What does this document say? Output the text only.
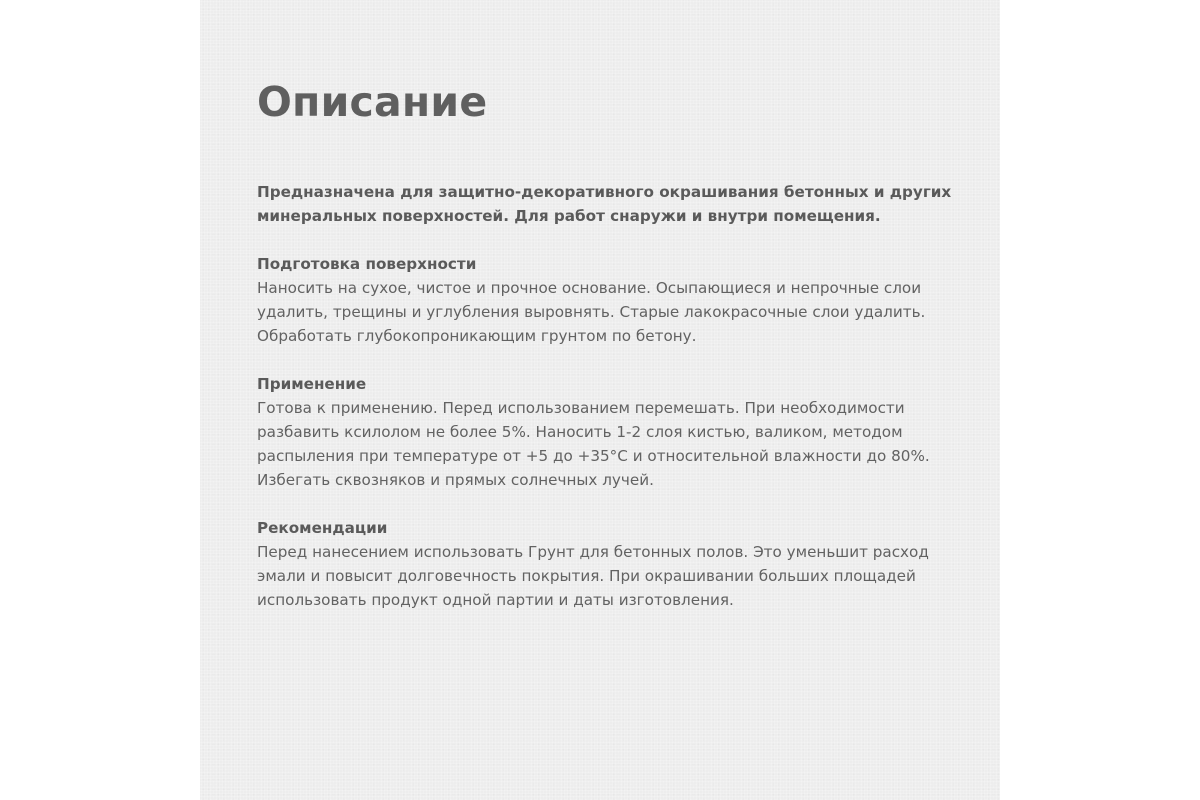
Описание

Предназначена для защитно-декоративного окрашивания бетонных и других минеральных поверхностей. Для работ снаружи и внутри помещения.

Подготовка поверхности

Наносить на сухое, чистое и прочное основание. Осыпающиеся и непрочные слои удалить, трещины и углубления выровнять. Старые лакокрасочные слои удалить. Обработать глубокопроникающим грунтом по бетону.

Применение

Готова к применению. Перед использованием перемешать. При необходимости разбавить ксилолом не более 5%. Наносить 1-2 слоя кистью, валиком, методом распыления при температуре от +5 до +35°С и относительной влажности до 80%. Избегать сквозняков и прямых солнечных лучей.

Рекомендации

Перед нанесением использовать Грунт для бетонных полов. Это уменьшит расход эмали и повысит долговечность покрытия. При окрашивании больших площадей использовать продукт одной партии и даты изготовления.
